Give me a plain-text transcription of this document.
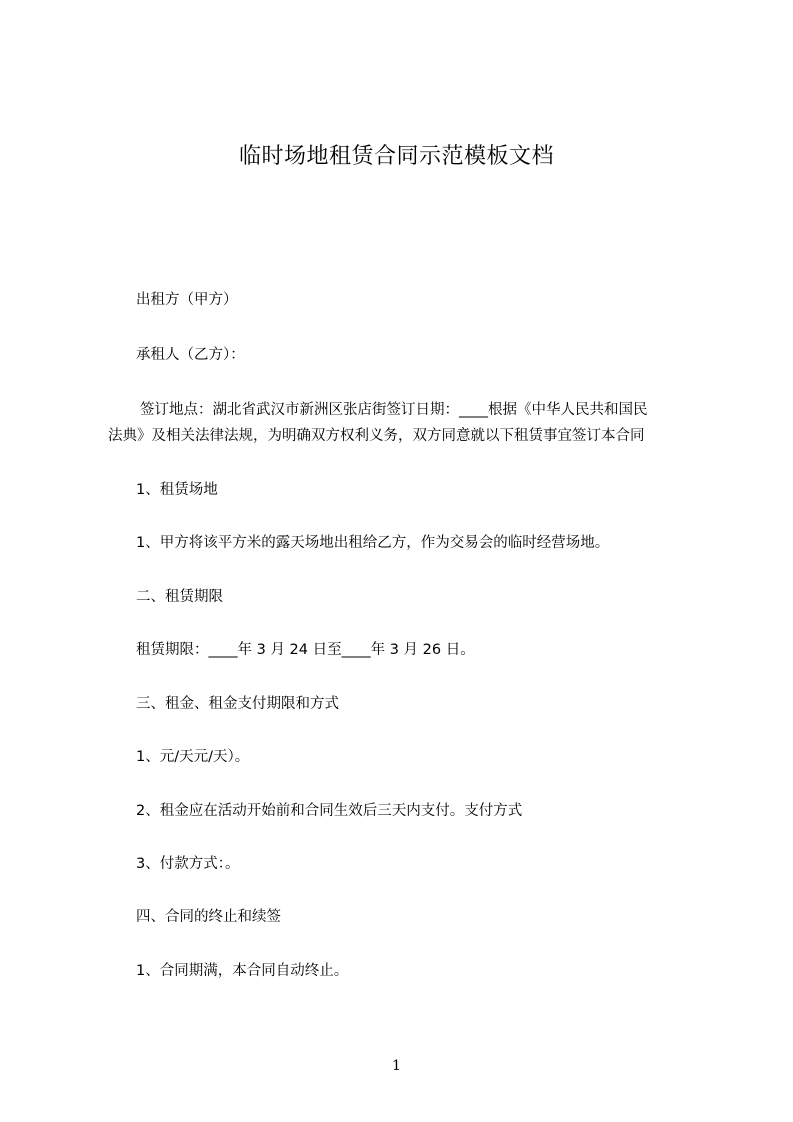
临时场地租赁合同示范模板文档
出租方（甲方）
承租人（乙方）：
签订地点：湖北省武汉市新洲区张店街签订日期：____根据《中华人民共和国民
法典》及相关法律法规，为明确双方权利义务，双方同意就以下租赁事宜签订本合同
1、租赁场地
1、甲方将该平方米的露天场地出租给乙方，作为交易会的临时经营场地。
二、租赁期限
租赁期限：____年 3 月 24 日至____年 3 月 26 日。
三、租金、租金支付期限和方式
1、元/天元/天）。
2、租金应在活动开始前和合同生效后三天内支付。支付方式
3、付款方式：。
四、合同的终止和续签
1、合同期满，本合同自动终止。
1
